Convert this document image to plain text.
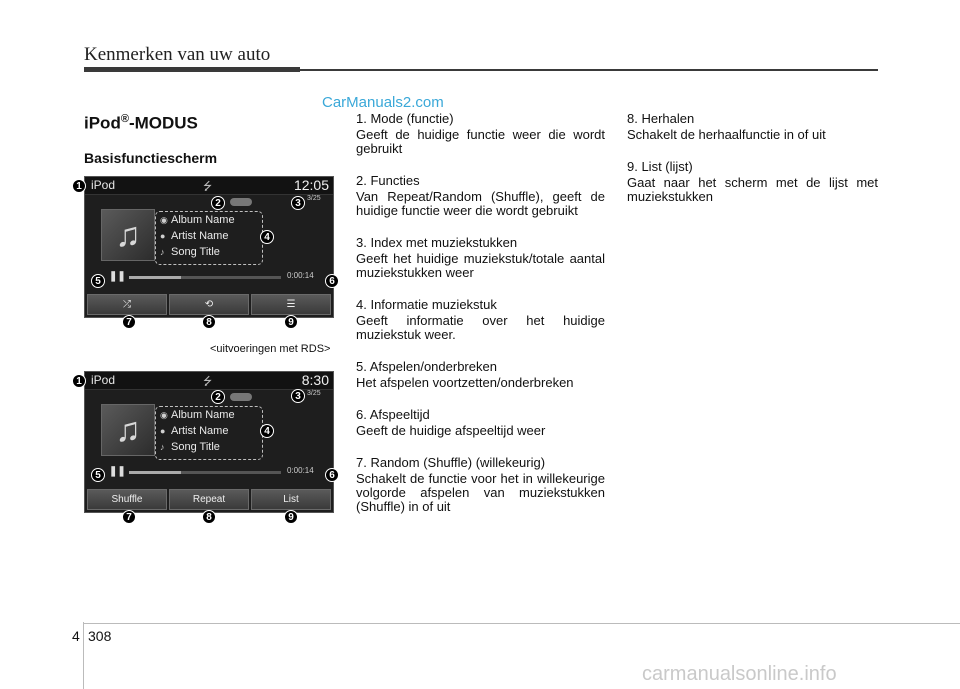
Kenmerken van uw auto
CarManuals2.com
iPod®-MODUS
Basisfunctiescherm
iPod	⭍	12:05
3/25
♫	◉ Album Name
● Artist Name
♪ Song Title
❚❚	0:00:14
⤮	⟲	☰
1
2	3
4
5	6
7	8	9
<uitvoeringen met RDS>
iPod	⭍	8:30
3/25
♫	◉ Album Name
● Artist Name
♪ Song Title
❚❚	0:00:14
Shuffle	Repeat	List
1
2	3
4
5	6
7	8	9
1. Mode (functie)
Geeft de huidige functie weer die wordt gebruikt
2. Functies
Van Repeat/Random (Shuffle), geeft de huidige functie weer die wordt gebruikt
3. Index met muziekstukken
Geeft het huidige muziekstuk/totale aantal muziekstukken weer
4. Informatie muziekstuk
Geeft informatie over het huidige muziekstuk weer.
5. Afspelen/onderbreken
Het afspelen voortzetten/onderbreken
6. Afspeeltijd
Geeft de huidige afspeeltijd weer
7. Random (Shuffle) (willekeurig)
Schakelt de functie voor het in willekeurige volgorde afspelen van muziekstukken (Shuffle) in of uit
8. Herhalen
Schakelt de herhaalfunctie in of uit
9. List (lijst)
Gaat naar het scherm met de lijst met muziekstukken
4 308
carmanualsonline.info
